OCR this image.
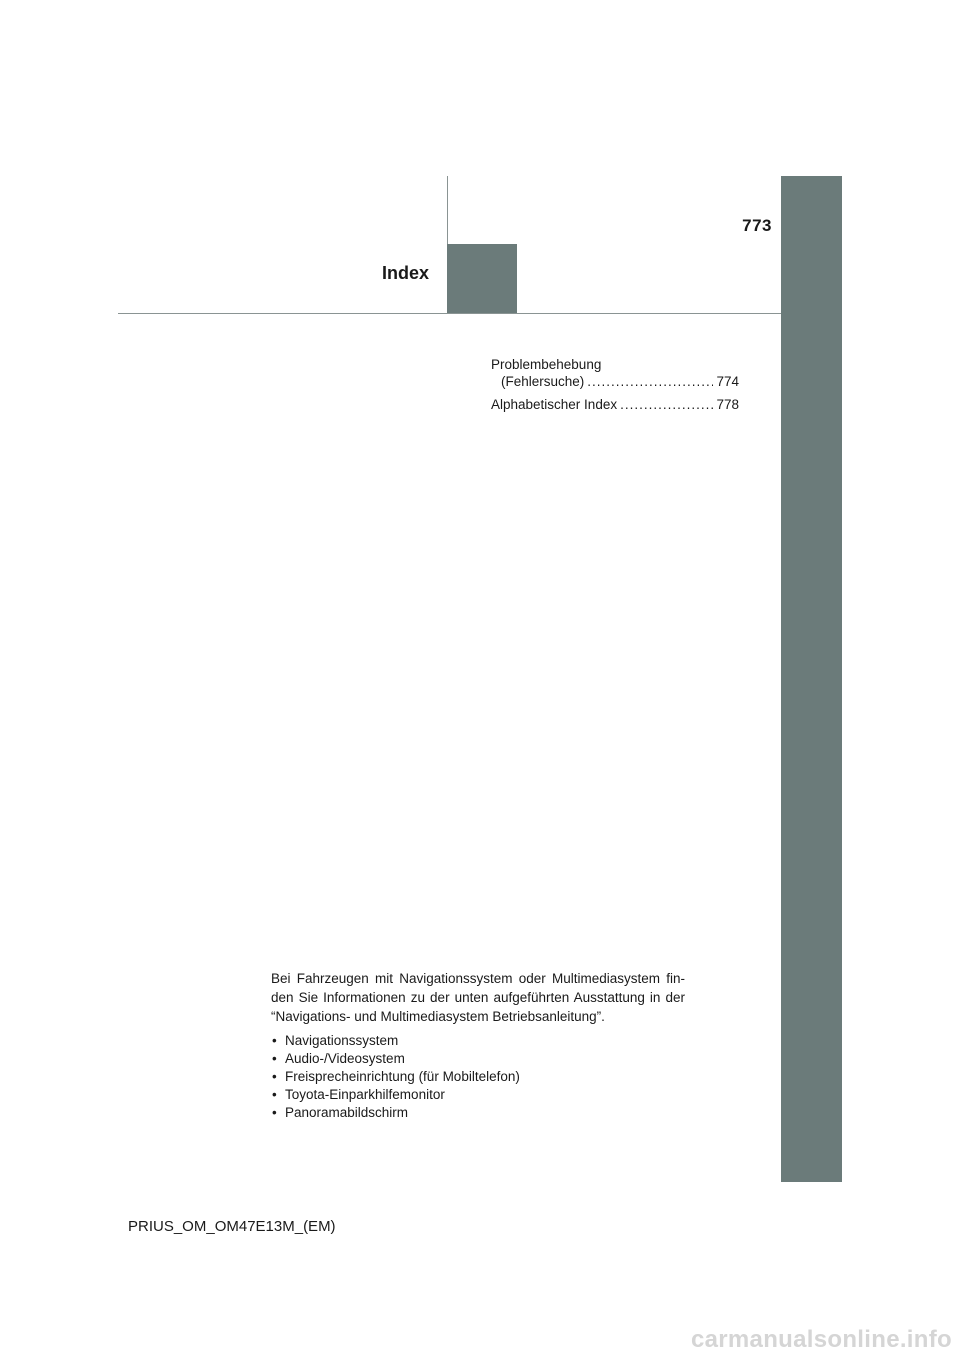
773
Index
Problembehebung
(Fehlersuche) .....	774
Alphabetischer Index .....	778

Bei Fahrzeugen mit Navigationssystem oder Multimediasystem fin-den Sie Informationen zu der unten aufgeführten Ausstattung in der “Navigations- und Multimediasystem Betriebsanleitung”.

• Navigationssystem
• Audio-/Videosystem
• Freisprecheinrichtung (für Mobiltelefon)
• Toyota-Einparkhilfemonitor
• Panoramabildschirm
PRIUS_OM_OM47E13M_(EM)
carmanualsonline.info
